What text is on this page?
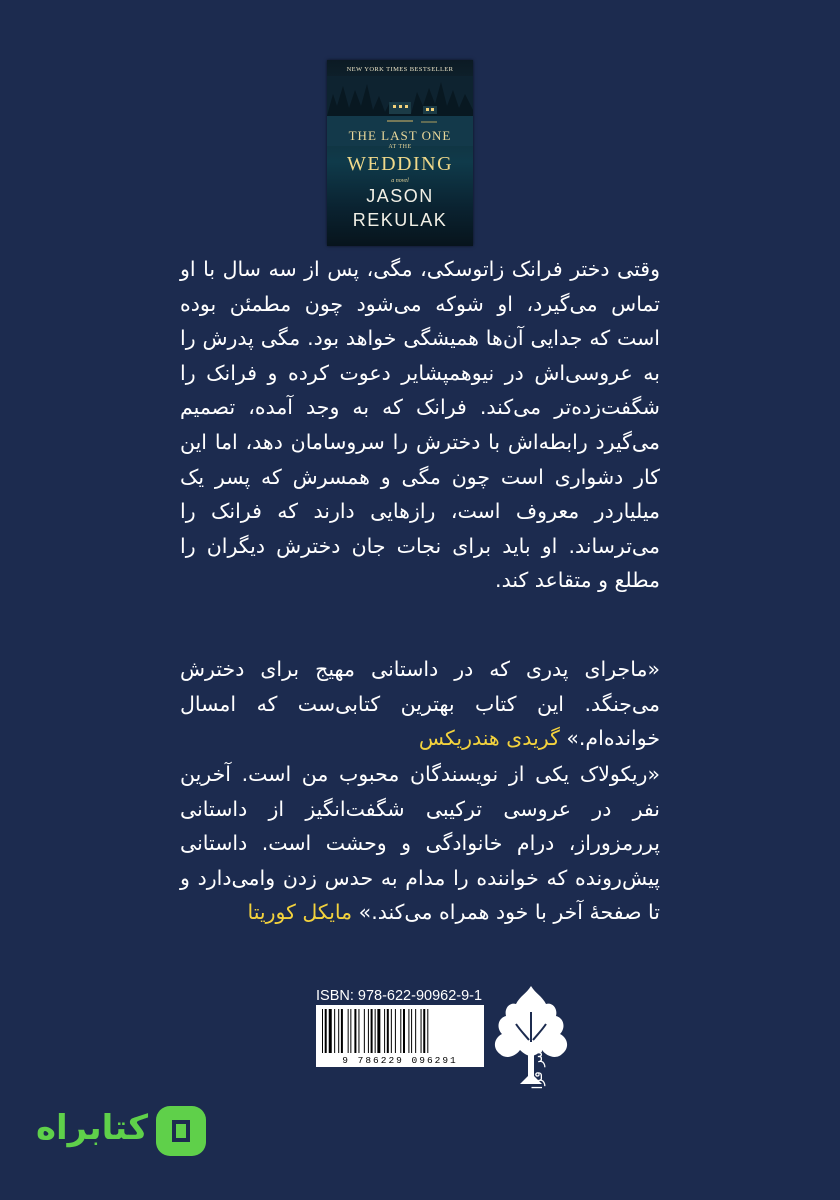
NEW YORK TIMES BESTSELLER
THE LAST ONE
AT THE
WEDDING
a novel
JASON
REKULAK
وقتی دختر فرانک زاتوسکی، مگی، پس از سه سال با او تماس می‌گیرد، او شوکه می‌شود چون مطمئن بوده است که جدایی آن‌ها همیشگی خواهد بود. مگی پدرش را به عروسی‌اش در نیوهمپشایر دعوت کرده و فرانک را شگفت‌زده‌تر می‌کند. فرانک که به وجد آمده، تصمیم می‌گیرد رابطه‌اش با دخترش را سروسامان دهد، اما این کار دشواری است چون مگی و همسرش که پسر یک میلیاردر معروف است، رازهایی دارند که فرانک را می‌ترساند. او باید برای نجات جان دخترش دیگران را مطلع و متقاعد کند.
«ماجرای پدری که در داستانی مهیج برای دخترش می‌جنگد. این کتاب بهترین کتابی‌ست که امسال خوانده‌ام.» گریدی هندریکس
«ریکولاک یکی از نویسندگان محبوب من است. آخرین نفر در عروسی ترکیبی شگفت‌انگیز از داستانی پررمزوراز، درام خانوادگی و وحشت است. داستانی پیش‌رونده که خواننده را مدام به حدس زدن وامی‌دارد و تا صفحهٔ آخر با خود همراه می‌کند.» مایکل کوریتا
ISBN: 978-622-90962-9-1
9 786229 096291	نشر فرا
کتابراه
